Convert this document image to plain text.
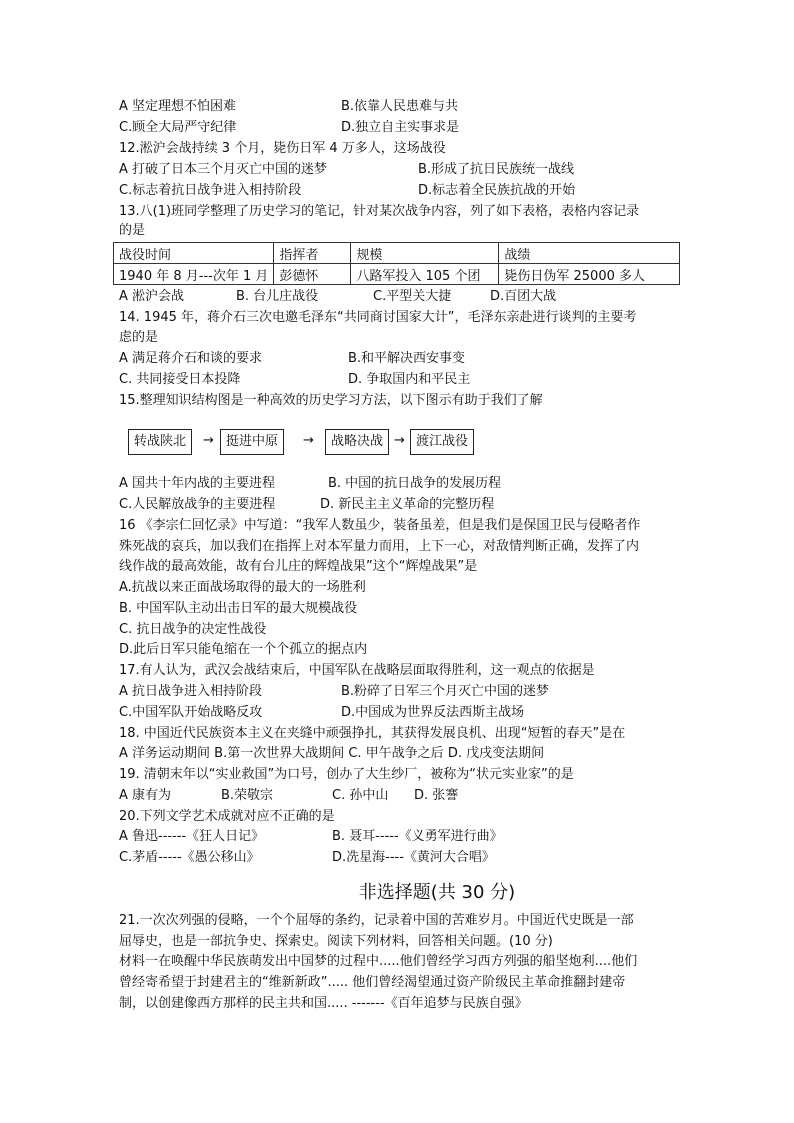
A 坚定理想不怕困难	B.依靠人民患难与共
C.顾全大局严守纪律	D.独立自主实事求是
12.淞沪会战持续 3 个月，毙伤日军 4 万多人，这场战役
A 打破了日本三个月灭亡中国的迷梦	B.形成了抗日民族统一战线
C.标志着抗日战争进入相持阶段	D.标志着全民族抗战的开始
13.八(1)班同学整理了历史学习的笔记，针对某次战争内容，列了如下表格，表格内容记录
的是
战役时间	指挥者	规模	战绩
1940 年 8 月---次年 1 月	彭德怀	八路军投入 105 个团	毙伤日伪军 25000 多人
A 淞沪会战	B. 台儿庄战役	C.平型关大捷	D.百团大战
14. 1945 年，蒋介石三次电邀毛泽东“共同商讨国家大计”，毛泽东亲赴进行谈判的主要考
虑的是
A 满足蒋介石和谈的要求	B.和平解决西安事变
C. 共同接受日本投降	D. 争取国内和平民主
15.整理知识结构图是一种高效的历史学习方法，以下图示有助于我们了解
转战陕北	→ 挺进中原	→	战略决战 → 渡江战役
A 国共十年内战的主要进程	B. 中国的抗日战争的发展历程
C.人民解放战争的主要进程	D. 新民主主义革命的完整历程
16 《李宗仁回忆录》中写道：“我军人数虽少，装备虽差，但是我们是保国卫民与侵略者作
殊死战的哀兵，加以我们在指挥上对本军量力而用，上下一心，对敌情判断正确，发挥了内
线作战的最高效能，故有台儿庄的辉煌战果”这个“辉煌战果”是
A.抗战以来正面战场取得的最大的一场胜利
B. 中国军队主动出击日军的最大规模战役
C. 抗日战争的决定性战役
D.此后日军只能龟缩在一个个孤立的据点内
17.有人认为，武汉会战结束后，中国军队在战略层面取得胜利，这一观点的依据是
A 抗日战争进入相持阶段	B.粉碎了日军三个月灭亡中国的迷梦
C.中国军队开始战略反攻	D.中国成为世界反法西斯主战场
18. 中国近代民族资本主义在夹缝中顽强挣扎，其获得发展良机、出现“短暂的春天”是在
A 洋务运动期间 B.第一次世界大战期间 C. 甲午战争之后 D. 戊戌变法期间
19. 清朝末年以“实业救国”为口号，创办了大生纱厂，被称为“状元实业家”的是
A 康有为	B.荣敬宗	C. 孙中山 D. 张謇
20.下列文学艺术成就对应不正确的是
A 鲁迅------《狂人日记》	B. 聂耳-----《义勇军进行曲》
C.茅盾-----《愚公移山》	D.冼星海----《黄河大合唱》
非选择题(共 30 分)
21.一次次列强的侵略，一个个屈辱的条约，记录着中国的苦难岁月。中国近代史既是一部
屈辱史，也是一部抗争史、探索史。阅读下列材料，回答相关问题。(10 分)
材料一在唤醒中华民族萌发出中国梦的过程中.....他们曾经学习西方列强的船坚炮利....他们
曾经寄希望于封建君主的“维新新政”..... 他们曾经渴望通过资产阶级民主革命推翻封建帝
制，以创建像西方那样的民主共和国..... -------《百年追梦与民族自强》
